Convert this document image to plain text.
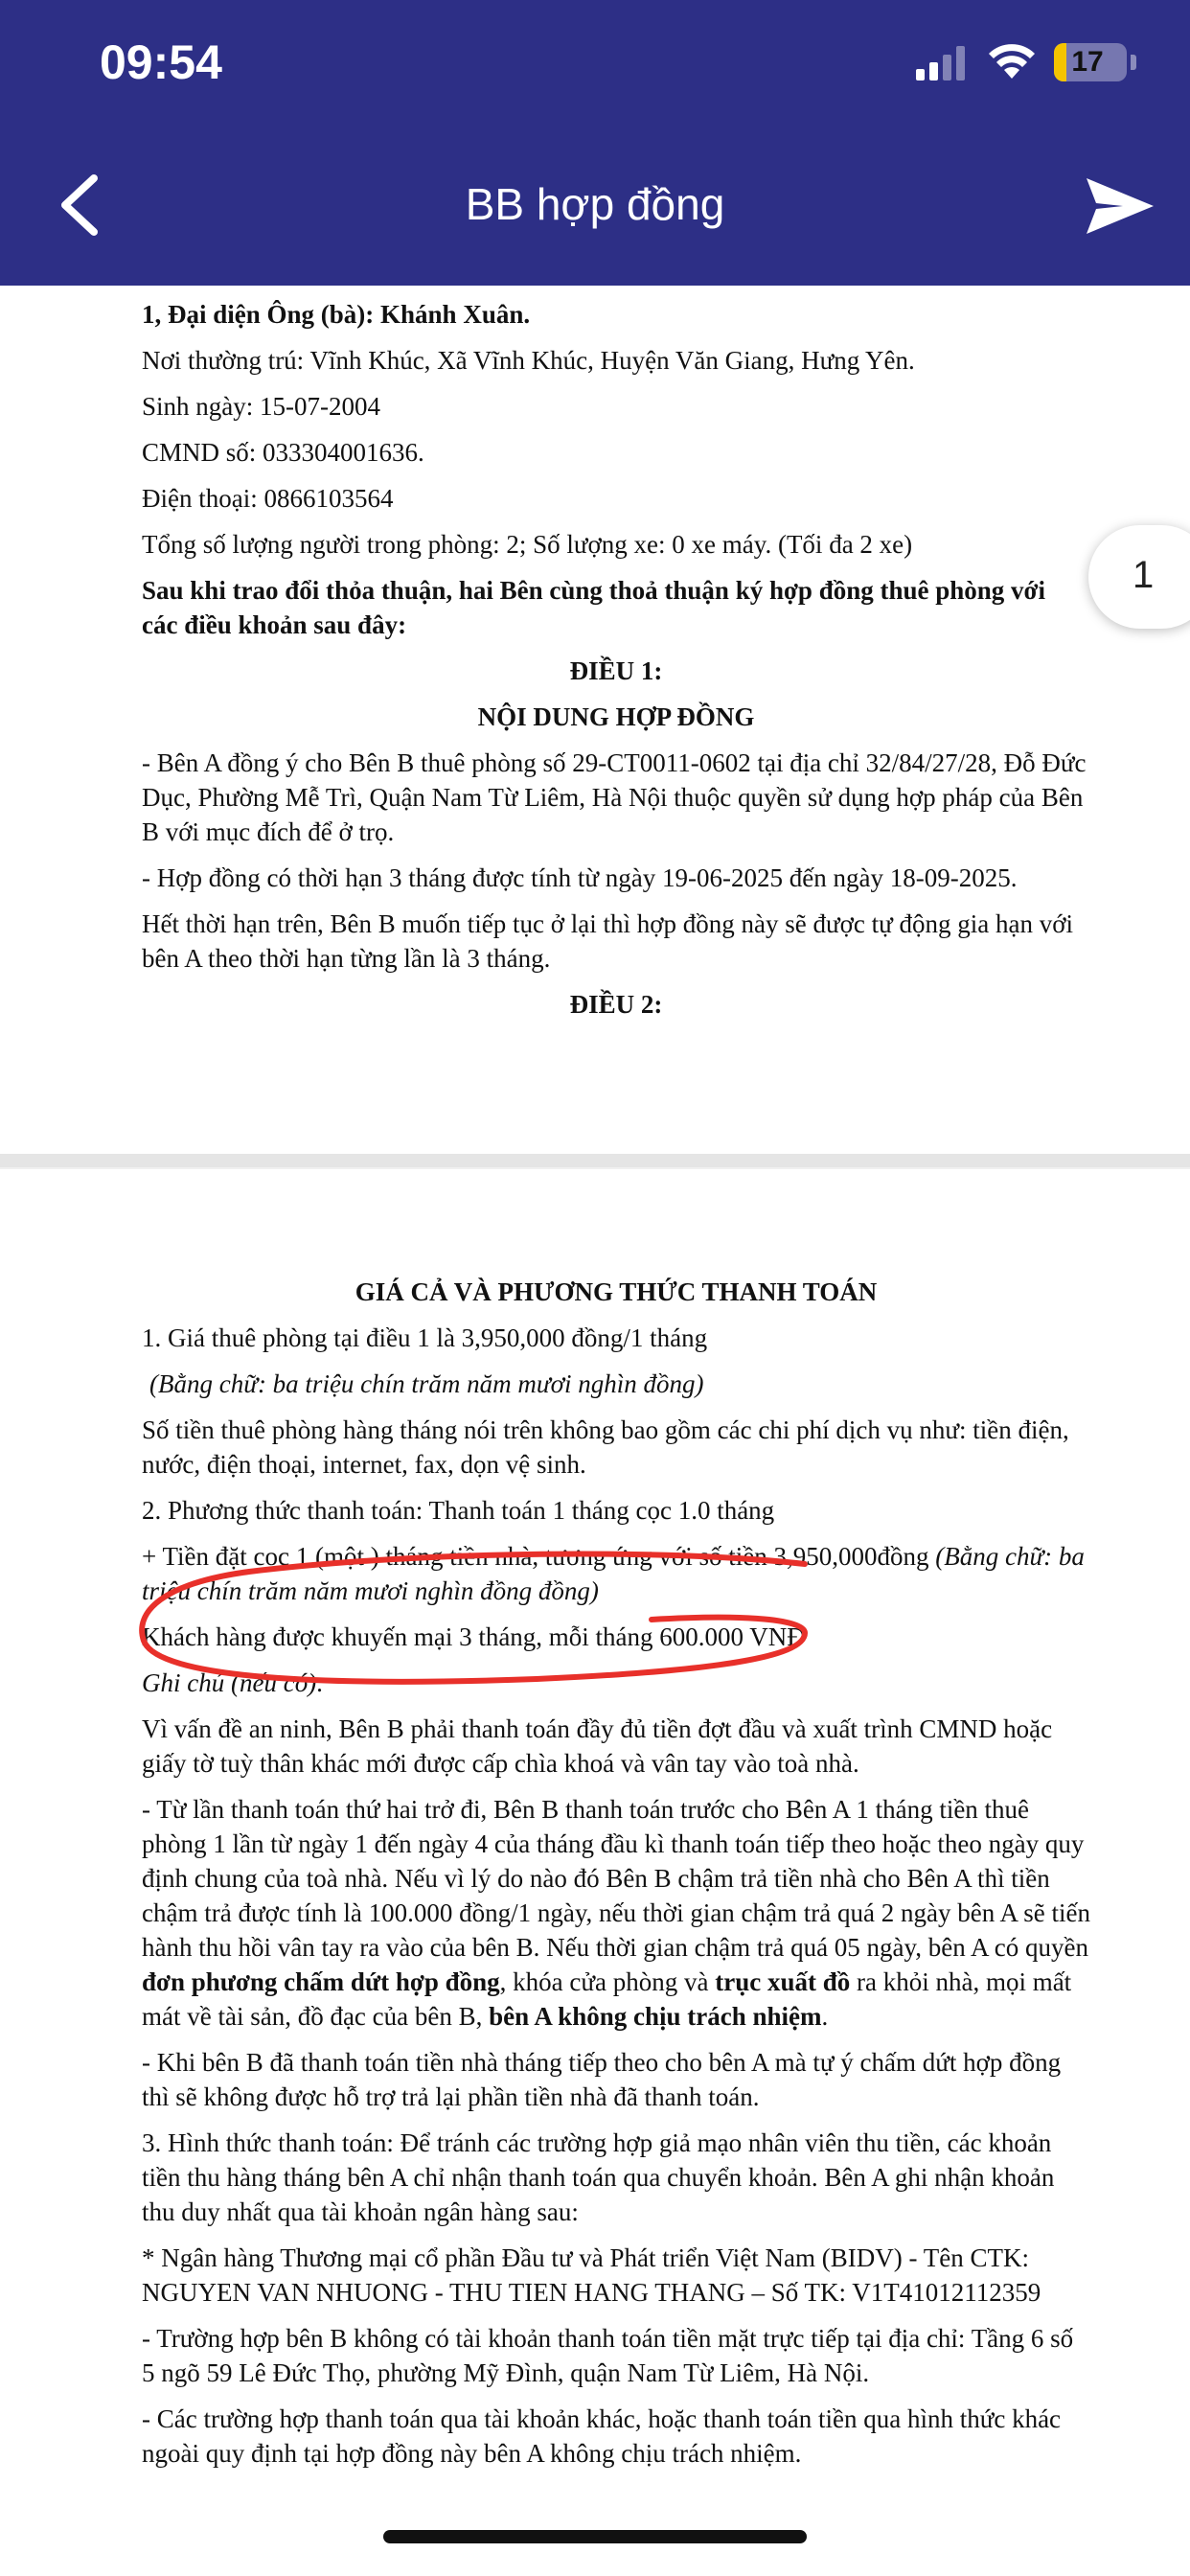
09:54	17
BB hợp đồng
1
1, Đại diện Ông (bà): Khánh Xuân.
Nơi thường trú: Vĩnh Khúc, Xã Vĩnh Khúc, Huyện Văn Giang, Hưng Yên.
Sinh ngày: 15-07-2004
CMND số: 033304001636.
Điện thoại: 0866103564
Tổng số lượng người trong phòng: 2; Số lượng xe: 0 xe máy. (Tối đa 2 xe)
Sau khi trao đổi thỏa thuận, hai Bên cùng thoả thuận ký hợp đồng thuê phòng với các điều khoản sau đây:
ĐIỀU 1:
NỘI DUNG HỢP ĐỒNG
- Bên A đồng ý cho Bên B thuê phòng số 29-CT0011-0602 tại địa chỉ 32/84/27/28, Đỗ Đức Dục, Phường Mễ Trì, Quận Nam Từ Liêm, Hà Nội thuộc quyền sử dụng hợp pháp của Bên B với mục đích để ở trọ.
- Hợp đồng có thời hạn 3 tháng được tính từ ngày 19-06-2025 đến ngày 18-09-2025.
Hết thời hạn trên, Bên B muốn tiếp tục ở lại thì hợp đồng này sẽ được tự động gia hạn với bên A theo thời hạn từng lần là 3 tháng.
ĐIỀU 2:
GIÁ CẢ VÀ PHƯƠNG THỨC THANH TOÁN
1. Giá thuê phòng tại điều 1 là 3,950,000 đồng/1 tháng
(Bằng chữ: ba triệu chín trăm năm mươi nghìn đồng)
Số tiền thuê phòng hàng tháng nói trên không bao gồm các chi phí dịch vụ như: tiền điện, nước, điện thoại, internet, fax, dọn vệ sinh.
2. Phương thức thanh toán: Thanh toán 1 tháng cọc 1.0 tháng
+ Tiền đặt cọc 1 (một ) tháng tiền nhà, tương ứng với số tiền 3,950,000đồng (Bằng chữ: ba triệu chín trăm năm mươi nghìn đồng đồng)
Khách hàng được khuyến mại 3 tháng, mỗi tháng 600.000 VNĐ
Ghi chú (nếu có):
Vì vấn đề an ninh, Bên B phải thanh toán đầy đủ tiền đợt đầu và xuất trình CMND hoặc giấy tờ tuỳ thân khác mới được cấp chìa khoá và vân tay vào toà nhà.
- Từ lần thanh toán thứ hai trở đi, Bên B thanh toán trước cho Bên A 1 tháng tiền thuê phòng 1 lần từ ngày 1 đến ngày 4 của tháng đầu kì thanh toán tiếp theo hoặc theo ngày quy định chung của toà nhà. Nếu vì lý do nào đó Bên B chậm trả tiền nhà cho Bên A thì tiền chậm trả được tính là 100.000 đồng/1 ngày, nếu thời gian chậm trả quá 2 ngày bên A sẽ tiến hành thu hồi vân tay ra vào của bên B. Nếu thời gian chậm trả quá 05 ngày, bên A có quyền đơn phương chấm dứt hợp đồng, khóa cửa phòng và trục xuất đồ ra khỏi nhà, mọi mất mát về tài sản, đồ đạc của bên B, bên A không chịu trách nhiệm.
- Khi bên B đã thanh toán tiền nhà tháng tiếp theo cho bên A mà tự ý chấm dứt hợp đồng thì sẽ không được hỗ trợ trả lại phần tiền nhà đã thanh toán.
3. Hình thức thanh toán: Để tránh các trường hợp giả mạo nhân viên thu tiền, các khoản tiền thu hàng tháng bên A chỉ nhận thanh toán qua chuyển khoản. Bên A ghi nhận khoản thu duy nhất qua tài khoản ngân hàng sau:
* Ngân hàng Thương mại cổ phần Đầu tư và Phát triển Việt Nam (BIDV) - Tên CTK: NGUYEN VAN NHUONG - THU TIEN HANG THANG – Số TK: V1T41012112359
- Trường hợp bên B không có tài khoản thanh toán tiền mặt trực tiếp tại địa chỉ: Tầng 6 số 5 ngõ 59 Lê Đức Thọ, phường Mỹ Đình, quận Nam Từ Liêm, Hà Nội.
- Các trường hợp thanh toán qua tài khoản khác, hoặc thanh toán tiền qua hình thức khác ngoài quy định tại hợp đồng này bên A không chịu trách nhiệm.
